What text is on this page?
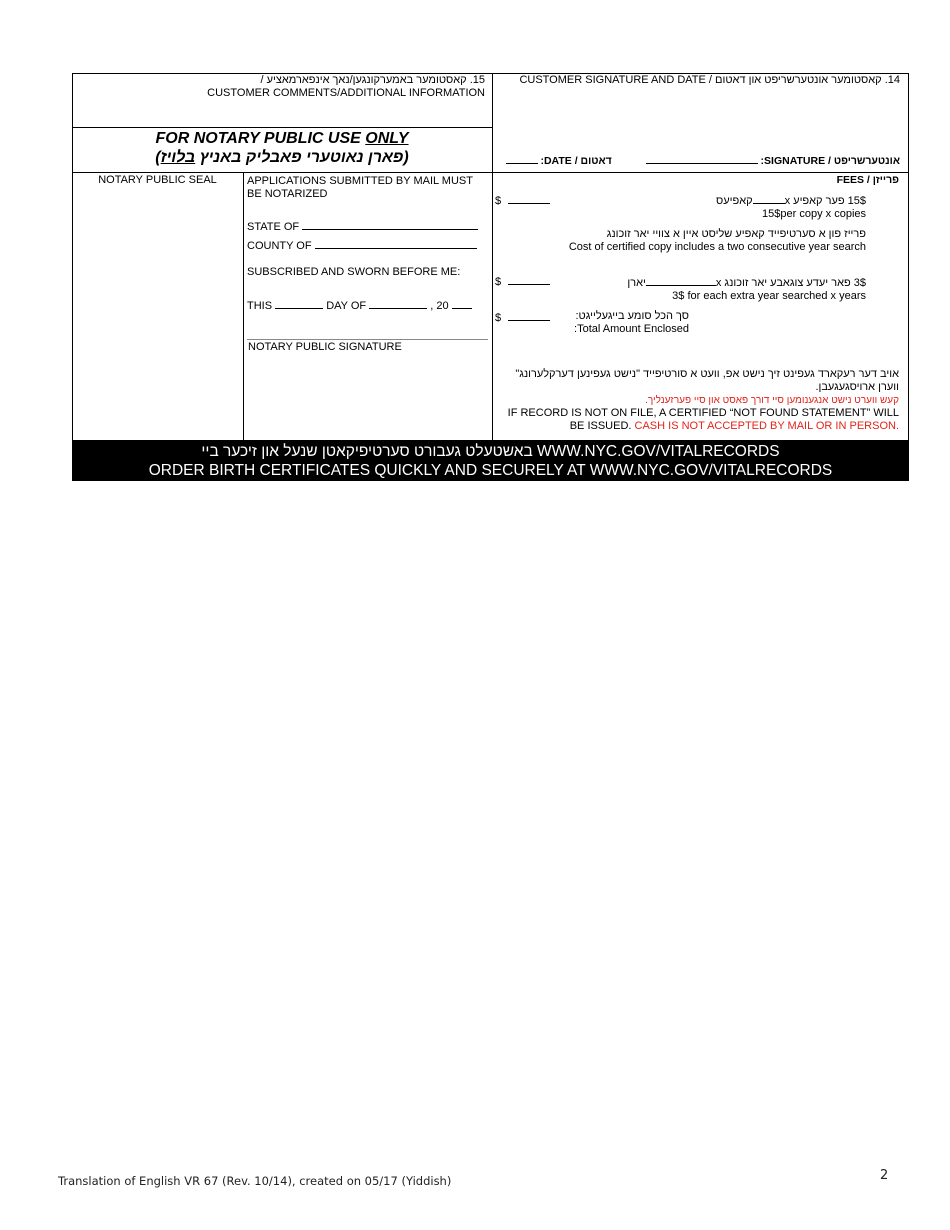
15. קאסטומער באמערקונגען/נאך אינפארמאציע /
CUSTOMER COMMENTS/ADDITIONAL INFORMATION
FOR NOTARY PUBLIC USE ONLY
(פארן נאוטערי פאבליק באניץ בלויז)
14. קאסטומער אונטערשריפט און דאטום / CUSTOMER SIGNATURE AND DATE
אונטערשריפט / SIGNATURE:   דאטום / DATE:
NOTARY PUBLIC SEAL	APPLICATIONS SUBMITTED BY MAIL MUST BE NOTARIZED
STATE OF
COUNTY OF
SUBSCRIBED AND SWORN BEFORE ME:
THIS	DAY OF	, 20
NOTARY PUBLIC SIGNATURE
פרייזן / FEES
$	15$ פער קאפיע xקאפיעס
15$per copy x copies
פרייז פון א סערטיפייד קאפיע שליסט איין א צוויי יאר זוכונג
Cost of certified copy includes a two consecutive year search
$	3$ פאר יעדע צוגאבע יאר זוכונג xיארן
3$ for each extra year searched x years
$	סך הכל סומע בייגעלייגט:
:Total Amount Enclosed
אויב דער רעקארד געפינט זיך נישט אפ, וועט א סורטיפייד "נישט געפינען דערקלערונג" ווערן ארויסגעגעבן.
קעש ווערט נישט אנגענומען סיי דורך פאסט און סיי פערזענליך.
IF RECORD IS NOT ON FILE, A CERTIFIED “NOT FOUND STATEMENT” WILL BE ISSUED. CASH IS NOT ACCEPTED BY MAIL OR IN PERSON.
WWW.NYC.GOV/VITALRECORDS באשטעלט געבורט סערטיפיקאטן שנעל און זיכער ביי
ORDER BIRTH CERTIFICATES QUICKLY AND SECURELY AT WWW.NYC.GOV/VITALRECORDS
Translation of English VR 67 (Rev. 10/14), created on 05/17 (Yiddish)	2
